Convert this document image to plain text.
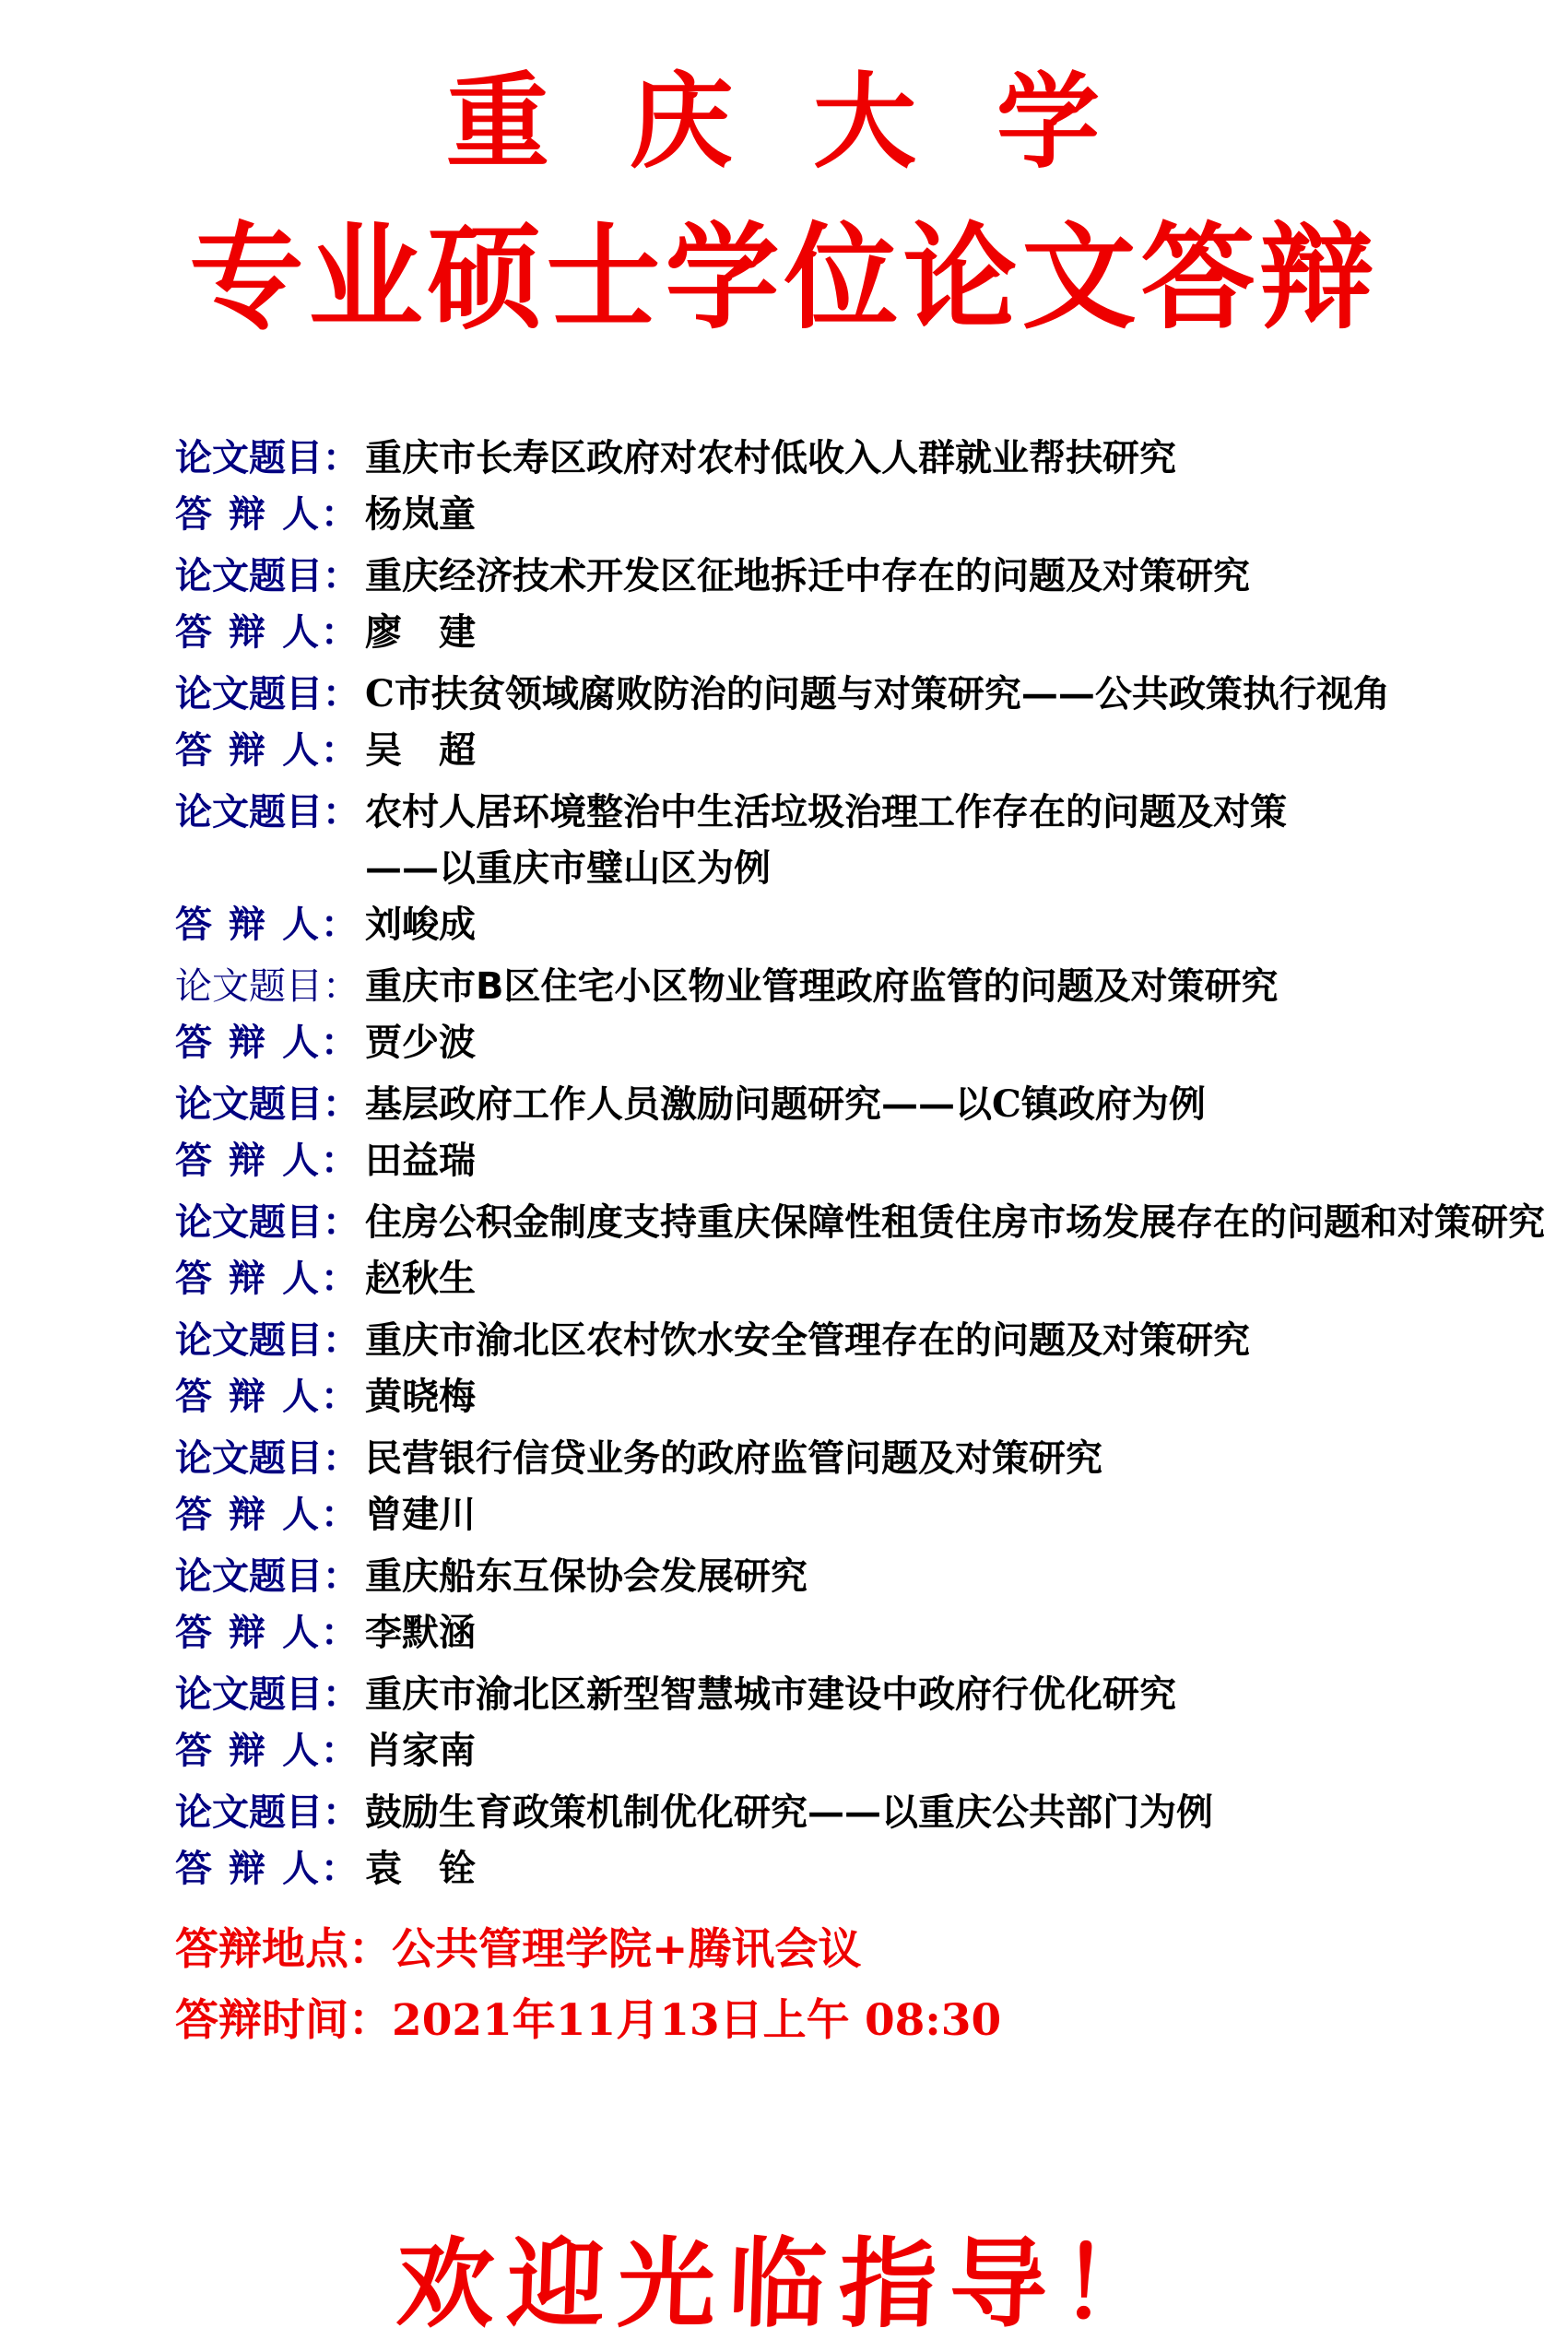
重 庆 大 学
专业硕士学位论文答辩
论文题目： 重庆市长寿区政府对农村低收入人群就业帮扶研究
答 辩 人： 杨岚童
论文题目： 重庆经济技术开发区征地拆迁中存在的问题及对策研究
答 辩 人： 廖　建
论文题目： C市扶贫领域腐败防治的问题与对策研究——公共政策执行视角
答 辩 人： 吴　超
论文题目： 农村人居环境整治中生活垃圾治理工作存在的问题及对策
——以重庆市璧山区为例
答 辩 人： 刘峻成
论文题目： 重庆市B区住宅小区物业管理政府监管的问题及对策研究
答 辩 人： 贾少波
论文题目： 基层政府工作人员激励问题研究——以C镇政府为例
答 辩 人： 田益瑞
论文题目： 住房公积金制度支持重庆保障性租赁住房市场发展存在的问题和对策研究
答 辩 人： 赵秋生
论文题目： 重庆市渝北区农村饮水安全管理存在的问题及对策研究
答 辩 人： 黄晓梅
论文题目： 民营银行信贷业务的政府监管问题及对策研究
答 辩 人： 曾建川
论文题目： 重庆船东互保协会发展研究
答 辩 人： 李默涵
论文题目： 重庆市渝北区新型智慧城市建设中政府行优化研究
答 辩 人： 肖家南
论文题目： 鼓励生育政策机制优化研究——以重庆公共部门为例
答 辩 人： 袁　铨
答辩地点：公共管理学院+腾讯会议
答辩时间：2021年11月13日上午 08:30
欢迎光临指导！
